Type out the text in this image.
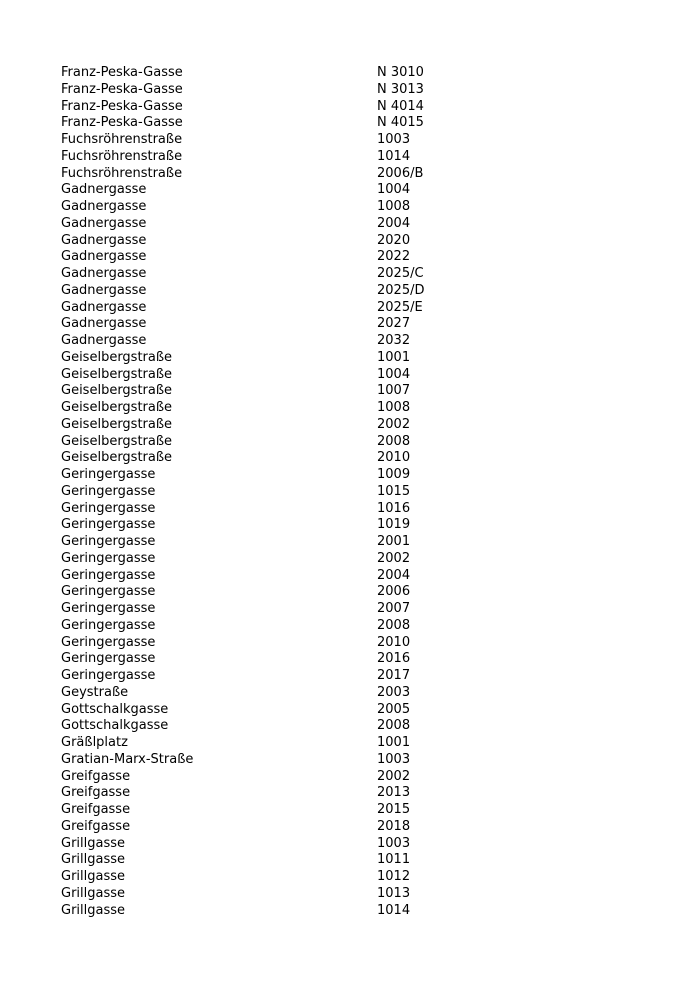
Franz-Peska-Gasse	N 3010
Franz-Peska-Gasse	N 3013
Franz-Peska-Gasse	N 4014
Franz-Peska-Gasse	N 4015
Fuchsröhrenstraße	1003
Fuchsröhrenstraße	1014
Fuchsröhrenstraße	2006/B
Gadnergasse	1004
Gadnergasse	1008
Gadnergasse	2004
Gadnergasse	2020
Gadnergasse	2022
Gadnergasse	2025/C
Gadnergasse	2025/D
Gadnergasse	2025/E
Gadnergasse	2027
Gadnergasse	2032
Geiselbergstraße	1001
Geiselbergstraße	1004
Geiselbergstraße	1007
Geiselbergstraße	1008
Geiselbergstraße	2002
Geiselbergstraße	2008
Geiselbergstraße	2010
Geringergasse	1009
Geringergasse	1015
Geringergasse	1016
Geringergasse	1019
Geringergasse	2001
Geringergasse	2002
Geringergasse	2004
Geringergasse	2006
Geringergasse	2007
Geringergasse	2008
Geringergasse	2010
Geringergasse	2016
Geringergasse	2017
Geystraße	2003
Gottschalkgasse	2005
Gottschalkgasse	2008
Gräßlplatz	1001
Gratian-Marx-Straße	1003
Greifgasse	2002
Greifgasse	2013
Greifgasse	2015
Greifgasse	2018
Grillgasse	1003
Grillgasse	1011
Grillgasse	1012
Grillgasse	1013
Grillgasse	1014
